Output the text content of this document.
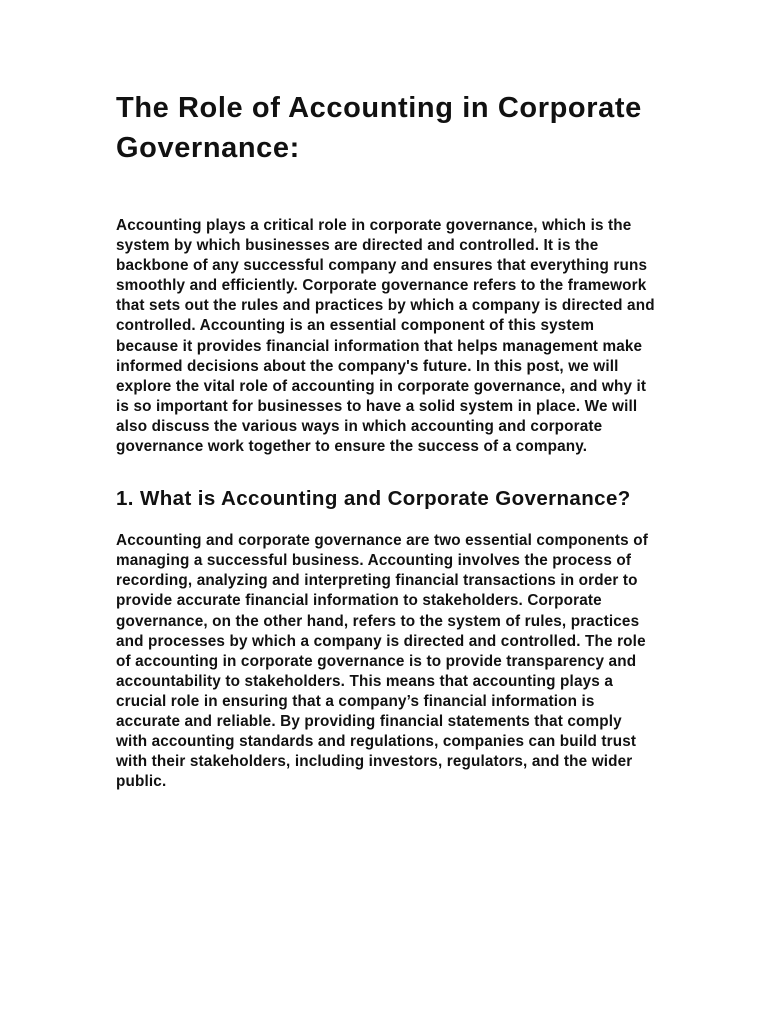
The Role of Accounting in Corporate Governance:

Accounting plays a critical role in corporate governance, which is the system by which businesses are directed and controlled. It is the backbone of any successful company and ensures that everything runs smoothly and efficiently. Corporate governance refers to the framework that sets out the rules and practices by which a company is directed and controlled. Accounting is an essential component of this system because it provides financial information that helps management make informed decisions about the company's future. In this post, we will explore the vital role of accounting in corporate governance, and why it is so important for businesses to have a solid system in place. We will also discuss the various ways in which accounting and corporate governance work together to ensure the success of a company.

1. What is Accounting and Corporate Governance?

Accounting and corporate governance are two essential components of managing a successful business. Accounting involves the process of recording, analyzing and interpreting financial transactions in order to provide accurate financial information to stakeholders. Corporate governance, on the other hand, refers to the system of rules, practices and processes by which a company is directed and controlled. The role of accounting in corporate governance is to provide transparency and accountability to stakeholders. This means that accounting plays a crucial role in ensuring that a company’s financial information is accurate and reliable. By providing financial statements that comply with accounting standards and regulations, companies can build trust with their stakeholders, including investors, regulators, and the wider public.
